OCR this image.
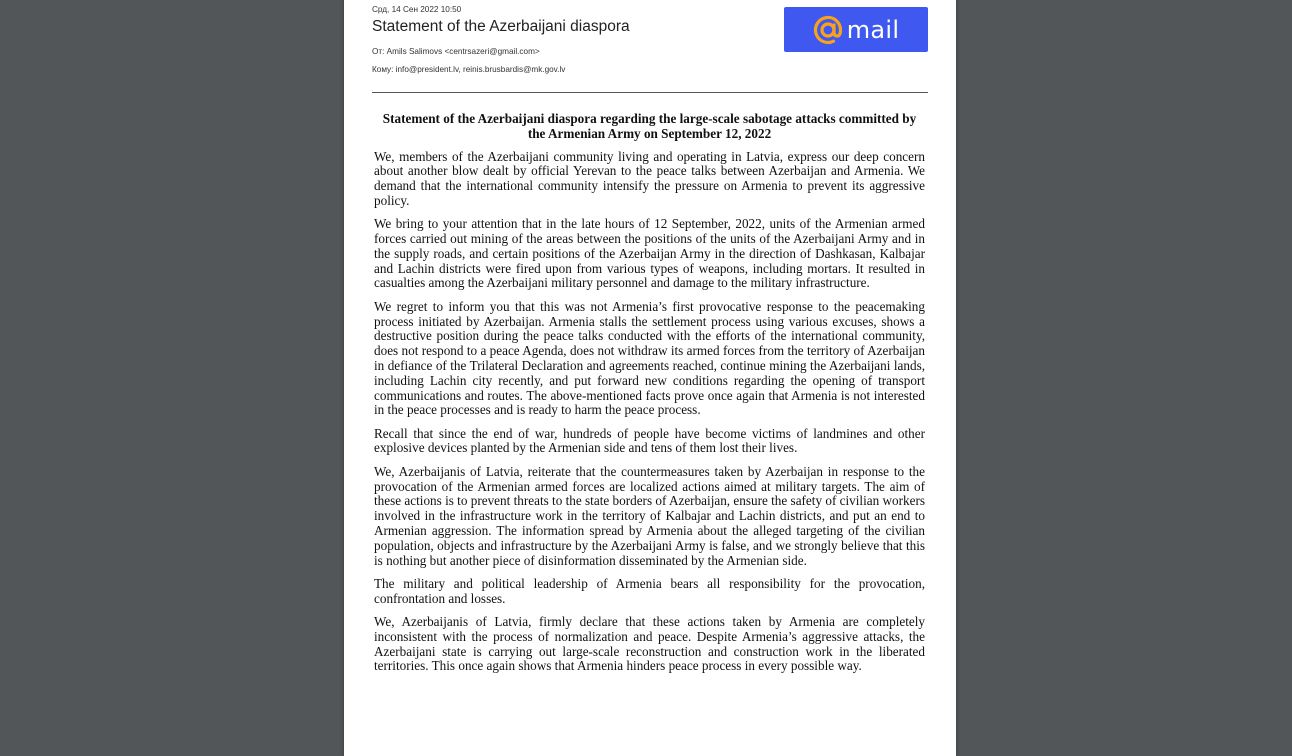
Срд, 14 Сен 2022 10:50
Statement of the Azerbaijani diaspora
От: Amils Salimovs <centrsazeri@gmail.com>
Кому: info@president.lv, reinis.brusbardis@mk.gov.lv
mail
Statement of the Azerbaijani diaspora regarding the large-scale sabotage attacks committed by the Armenian Army on September 12, 2022

We, members of the Azerbaijani community living and operating in Latvia, express our deep concern about another blow dealt by official Yerevan to the peace talks between Azerbaijan and Armenia. We demand that the international community intensify the pressure on Armenia to prevent its aggressive policy.

We bring to your attention that in the late hours of 12 September, 2022, units of the Armenian armed forces carried out mining of the areas between the positions of the units of the Azerbaijani Army and in the supply roads, and certain positions of the Azerbaijan Army in the direction of Dashkasan, Kalbajar and Lachin districts were fired upon from various types of weapons, including mortars. It resulted in casualties among the Azerbaijani military personnel and damage to the military infrastructure.

We regret to inform you that this was not Armenia’s first provocative response to the peacemaking process initiated by Azerbaijan. Armenia stalls the settlement process using various excuses, shows a destructive position during the peace talks conducted with the efforts of the international community, does not respond to a peace Agenda, does not withdraw its armed forces from the territory of Azerbaijan in defiance of the Trilateral Declaration and agreements reached, continue mining the Azerbaijani lands, including Lachin city recently, and put forward new conditions regarding the opening of transport communications and routes. The above-mentioned facts prove once again that Armenia is not interested in the peace processes and is ready to harm the peace process.

Recall that since the end of war, hundreds of people have become victims of landmines and other explosive devices planted by the Armenian side and tens of them lost their lives.

We, Azerbaijanis of Latvia, reiterate that the countermeasures taken by Azerbaijan in response to the provocation of the Armenian armed forces are localized actions aimed at military targets. The aim of these actions is to prevent threats to the state borders of Azerbaijan, ensure the safety of civilian workers involved in the infrastructure work in the territory of Kalbajar and Lachin districts, and put an end to Armenian aggression. The information spread by Armenia about the alleged targeting of the civilian population, objects and infrastructure by the Azerbaijani Army is false, and we strongly believe that this is nothing but another piece of disinformation disseminated by the Armenian side.

The military and political leadership of Armenia bears all responsibility for the provocation, confrontation and losses.

We, Azerbaijanis of Latvia, firmly declare that these actions taken by Armenia are completely inconsistent with the process of normalization and peace. Despite Armenia’s aggressive attacks, the Azerbaijani state is carrying out large-scale reconstruction and construction work in the liberated territories. This once again shows that Armenia hinders peace process in every possible way.
